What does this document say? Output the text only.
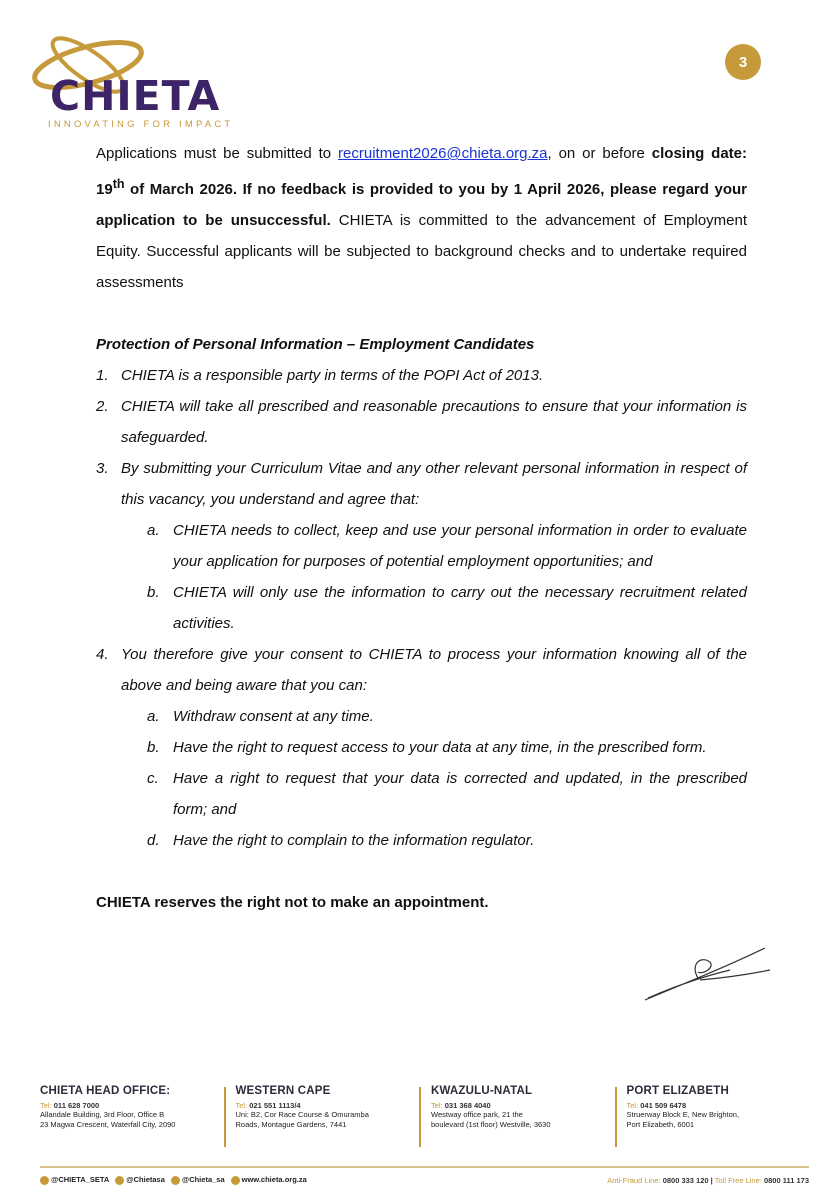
CHIETA
INNOVATING FOR IMPACT
3

Applications must be submitted to recruitment2026@chieta.org.za, on or before closing date: 19th of March 2026. If no feedback is provided to you by 1 April 2026, please regard your application to be unsuccessful. CHIETA is committed to the advancement of Employment Equity. Successful applicants will be subjected to background checks and to undertake required assessments

Protection of Personal Information – Employment Candidates

1. CHIETA is a responsible party in terms of the POPI Act of 2013.
2. CHIETA will take all prescribed and reasonable precautions to ensure that your information is safeguarded.
3. By submitting your Curriculum Vitae and any other relevant personal information in respect of this vacancy, you understand and agree that:
a. CHIETA needs to collect, keep and use your personal information in order to evaluate your application for purposes of potential employment opportunities; and
b. CHIETA will only use the information to carry out the necessary recruitment related activities.
4. You therefore give your consent to CHIETA to process your information knowing all of the above and being aware that you can:
a. Withdraw consent at any time.
b. Have the right to request access to your data at any time, in the prescribed form.
c. Have a right to request that your data is corrected and updated, in the prescribed form; and
d. Have the right to complain to the information regulator.

CHIETA reserves the right not to make an appointment.

CHIETA HEAD OFFICE:
Tel: 011 628 7000
Allandale Building, 3rd Floor, Office B
23 Magwa Crescent, Waterfall City, 2090
WESTERN CAPE
Tel: 021 551 1113/4
Uni: B2, Cor Race Course & Omuramba
Roads, Montague Gardens, 7441
KWAZULU-NATAL
Tel: 031 368 4040
Westway office park, 21 the
boulevard (1st floor) Westville, 3630
PORT ELIZABETH
Tel: 041 509 6478
Struerway Block E, New Brighton,
Port Elizabeth, 6001
@CHIETA_SETA	@Chietasa	@Chieta_sa	www.chieta.org.za	Anti-Fraud Line: 0800 333 120 | Toll Free Line: 0800 111 173
